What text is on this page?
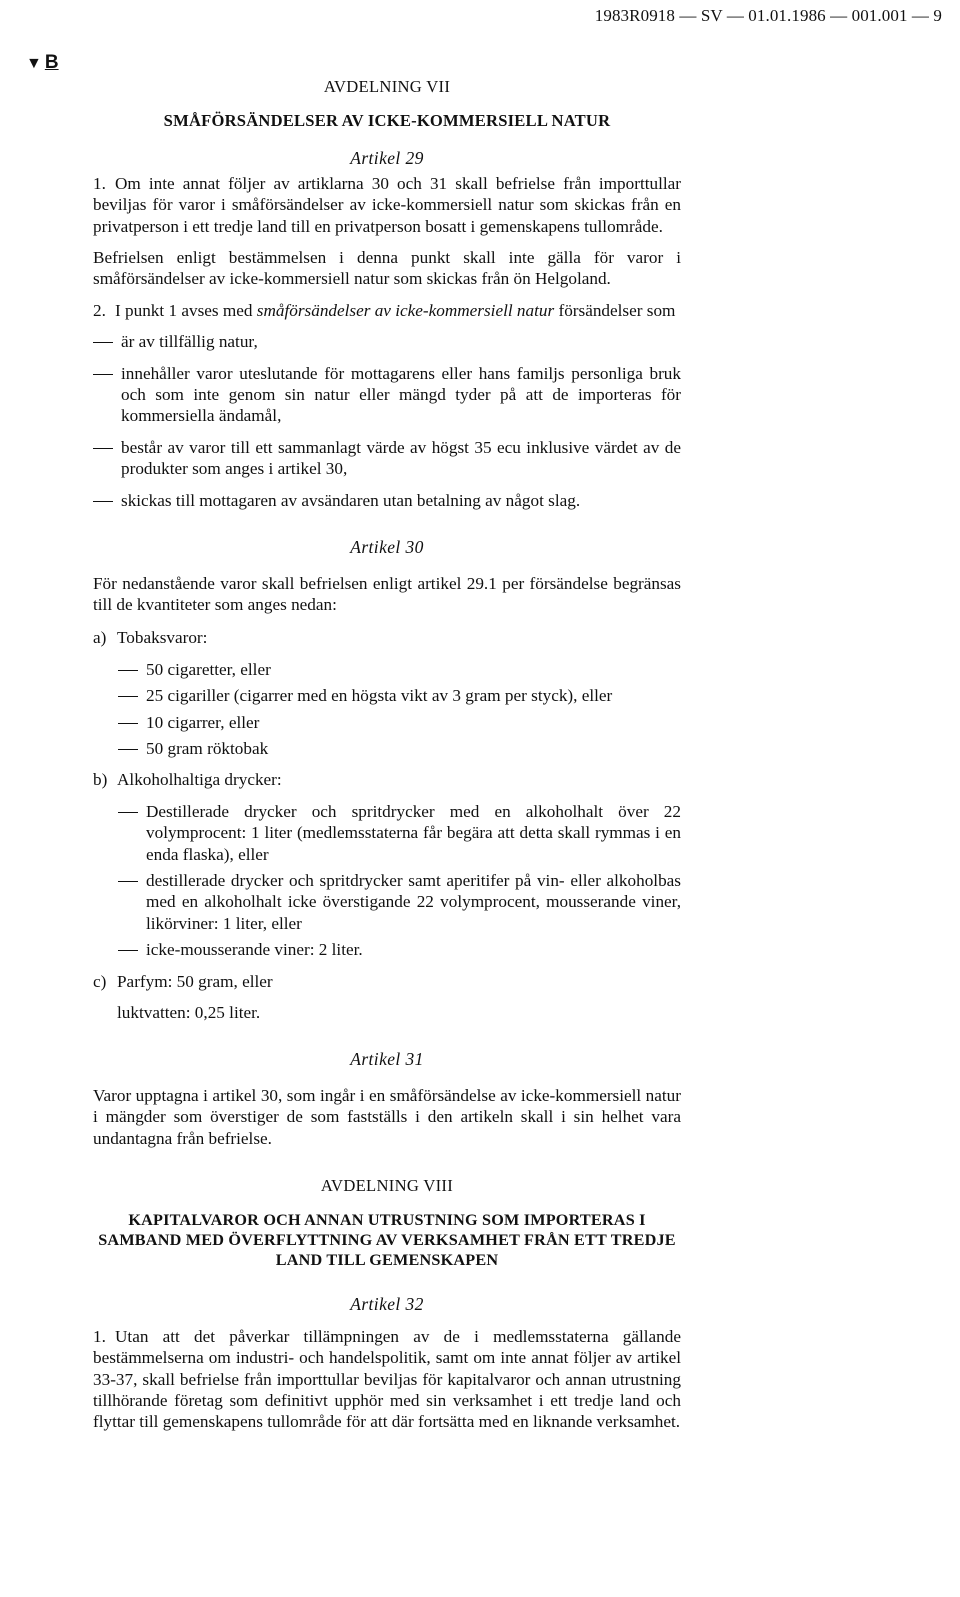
1983R0918 — SV — 01.01.1986 — 001.001 — 9
▼ B
AVDELNING VII
SMÅFÖRSÄNDELSER AV ICKE-KOMMERSIELL NATUR
Artikel 29

1. Om inte annat följer av artiklarna 30 och 31 skall befrielse från importtullar beviljas för varor i småförsändelser av icke-kommersiell natur som skickas från en privatperson i ett tredje land till en privatperson bosatt i gemenskapens tullområde.

Befrielsen enligt bestämmelsen i denna punkt skall inte gälla för varor i småförsändelser av icke-kommersiell natur som skickas från ön Helgoland.

2. I punkt 1 avses med småförsändelser av icke-kommersiell natur försändelser som

är av tillfällig natur,
innehåller varor uteslutande för mottagarens eller hans familjs personliga bruk och som inte genom sin natur eller mängd tyder på att de importeras för kommersiella ändamål,
består av varor till ett sammanlagt värde av högst 35 ecu inklusive värdet av de produkter som anges i artikel 30,
skickas till mottagaren av avsändaren utan betalning av något slag.
Artikel 30

För nedanstående varor skall befrielsen enligt artikel 29.1 per försändelse begränsas till de kvantiteter som anges nedan:

a) Tobaksvaror:
50 cigaretter, eller
25 cigariller (cigarrer med en högsta vikt av 3 gram per styck), eller
10 cigarrer, eller
50 gram röktobak
b) Alkoholhaltiga drycker:
Destillerade drycker och spritdrycker med en alkoholhalt över 22 volymprocent: 1 liter (medlemsstaterna får begära att detta skall rymmas i en enda flaska), eller
destillerade drycker och spritdrycker samt aperitifer på vin- eller alkoholbas med en alkoholhalt icke överstigande 22 volymprocent, mousserande viner, likörviner: 1 liter, eller
icke-mousserande viner: 2 liter.
c) Parfym: 50 gram, eller
luktvatten: 0,25 liter.
Artikel 31

Varor upptagna i artikel 30, som ingår i en småförsändelse av icke-kommersiell natur i mängder som överstiger de som fastställs i den artikeln skall i sin helhet vara undantagna från befrielse.

AVDELNING VIII
KAPITALVAROR OCH ANNAN UTRUSTNING SOM IMPORTERAS I SAMBAND MED ÖVERFLYTTNING AV VERKSAMHET FRÅN ETT TREDJE LAND TILL GEMENSKAPEN
Artikel 32

1. Utan att det påverkar tillämpningen av de i medlemsstaterna gällande bestämmelserna om industri- och handelspolitik, samt om inte annat följer av artikel 33-37, skall befrielse från importtullar beviljas för kapitalvaror och annan utrustning tillhörande företag som definitivt upphör med sin verksamhet i ett tredje land och flyttar till gemenskapens tullområde för att där fortsätta med en liknande verksamhet.
